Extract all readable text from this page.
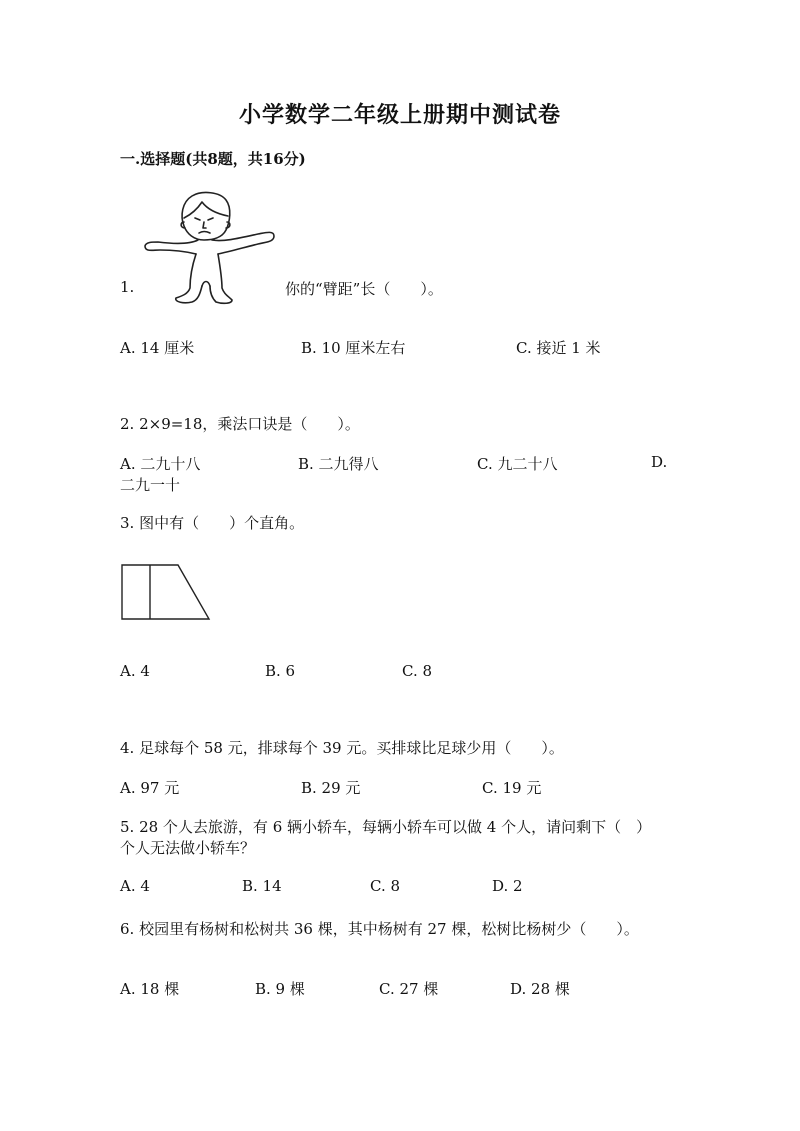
小学数学二年级上册期中测试卷
一.选择题(共8题，共16分)
1.	你的“臂距”长（　　）。
A. 14 厘米	B. 10 厘米左右	C. 接近 1 米
2. 2×9=18，乘法口诀是（　　）。
A. 二九十八	B. 二九得八	C. 九二十八	D.
二九一十
3. 图中有（　　）个直角。
A. 4	B. 6	C. 8
4. 足球每个 58 元，排球每个 39 元。买排球比足球少用（　　）。
A. 97 元	B. 29 元	C. 19 元
5. 28 个人去旅游，有 6 辆小轿车，每辆小轿车可以做 4 个人，请问剩下（　）
个人无法做小轿车？
A. 4	B. 14	C. 8	D. 2
6. 校园里有杨树和松树共 36 棵，其中杨树有 27 棵，松树比杨树少（　　）。
A. 18 棵	B. 9 棵	C. 27 棵	D. 28 棵
